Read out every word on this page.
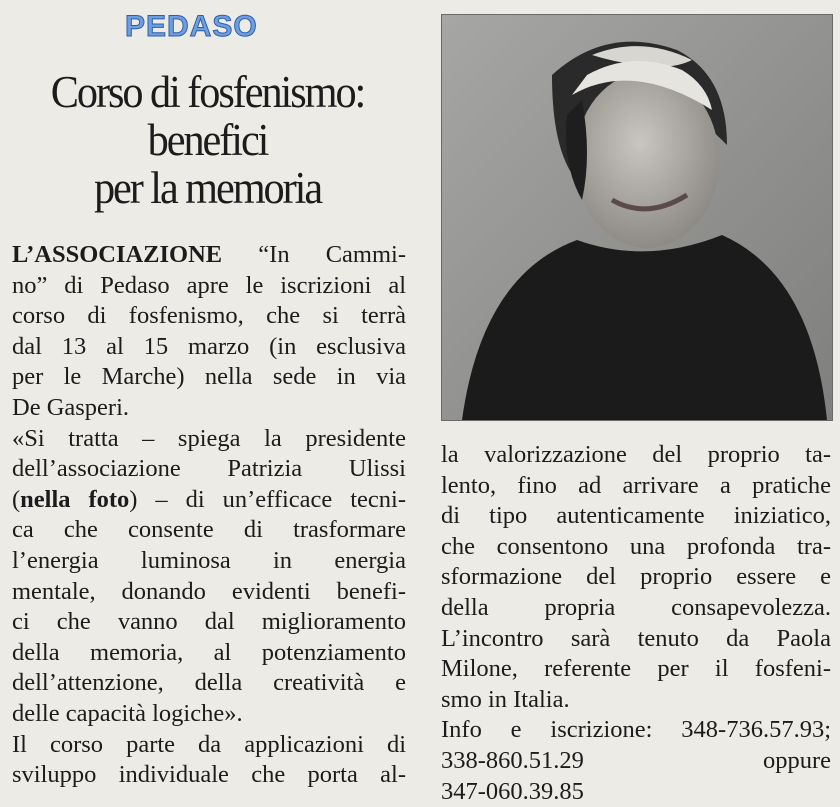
PEDASO
Corso di fosfenismo:
benefici
per la memoria
L’ASSOCIAZIONE “In Cammi-
no” di Pedaso apre le iscrizioni al
corso di fosfenismo, che si terrà
dal 13 al 15 marzo (in esclusiva
per le Marche) nella sede in via
De Gasperi.
«Si tratta – spiega la presidente
dell’associazione Patrizia Ulissi
(nella foto) – di un’efficace tecni-
ca che consente di trasformare
l’energia luminosa in energia
mentale, donando evidenti benefi-
ci che vanno dal miglioramento
della memoria, al potenziamento
dell’attenzione, della creatività e
delle capacità logiche».
Il corso parte da applicazioni di
sviluppo individuale che porta al-
la valorizzazione del proprio ta-
lento, fino ad arrivare a pratiche
di tipo autenticamente iniziatico,
che consentono una profonda tra-
sformazione del proprio essere e
della propria consapevolezza.
L’incontro sarà tenuto da Paola
Milone, referente per il fosfeni-
smo in Italia.
Info e iscrizione: 348-736.57.93;
338-860.51.29 oppure
347-060.39.85
